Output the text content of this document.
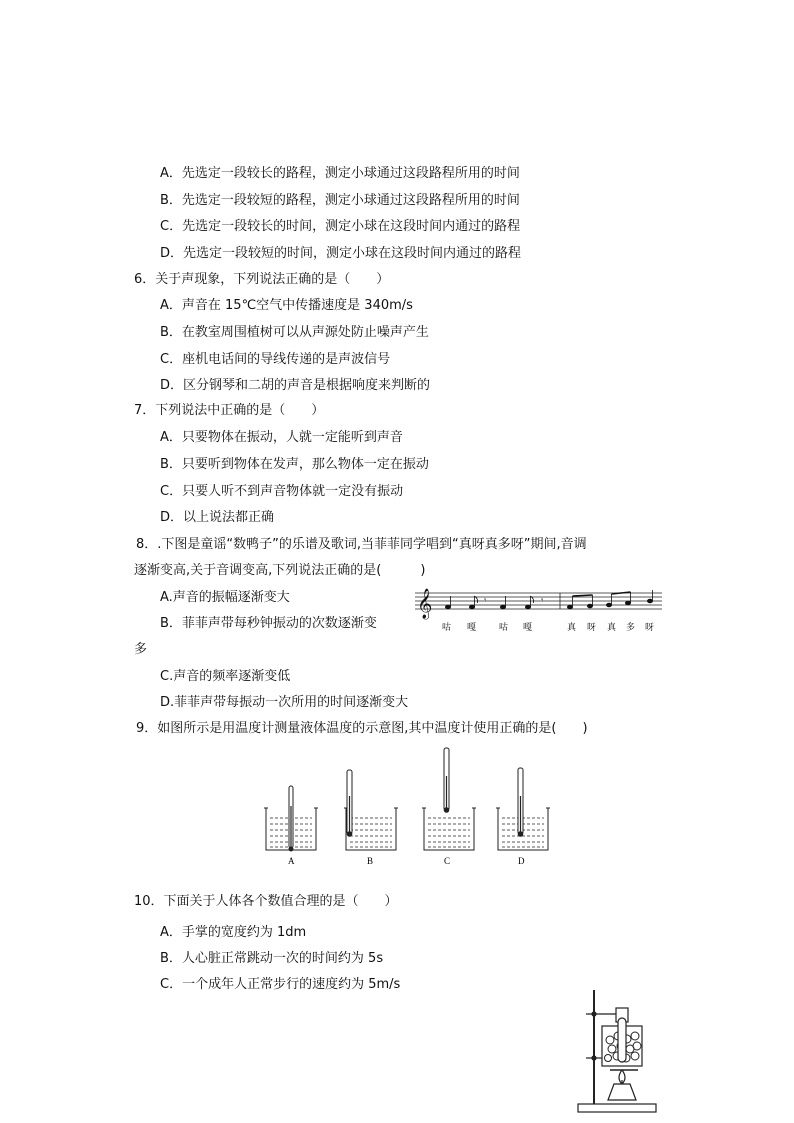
A．先选定一段较长的路程，测定小球通过这段路程所用的时间
B．先选定一段较短的路程，测定小球通过这段路程所用的时间
C．先选定一段较长的时间，测定小球在这段时间内通过的路程
D．先选定一段较短的时间，测定小球在这段时间内通过的路程
6．关于声现象，下列说法正确的是（　　）
A．声音在 15℃空气中传播速度是 340m/s
B．在教室周围植树可以从声源处防止噪声产生
C．座机电话间的导线传递的是声波信号
D．区分钢琴和二胡的声音是根据响度来判断的
7．下列说法中正确的是（　　）
A．只要物体在振动，人就一定能听到声音
B．只要听到物体在发声，那么物体一定在振动
C．只要人听不到声音物体就一定没有振动
D．以上说法都正确
8．.下图是童谣“数鸭子”的乐谱及歌词,当菲菲同学唱到“真呀真多呀”期间,音调
逐渐变高,关于音调变高,下列说法正确的是(　　　)
A.声音的振幅逐渐变大
B．菲菲声带每秒钟振动的次数逐渐变
多
C.声音的频率逐渐变低
D.菲菲声带每振动一次所用的时间逐渐变大
𝄞	𝄾	𝄾
咕 嘎	咕 嘎	真 呀 真 多 呀
9．如图所示是用温度计测量液体温度的示意图,其中温度计使用正确的是(　　)
A	B	C	D
10．下面关于人体各个数值合理的是（　　）
A．手掌的宽度约为 1dm
B．人心脏正常跳动一次的时间约为 5s
C．一个成年人正常步行的速度约为 5m/s
